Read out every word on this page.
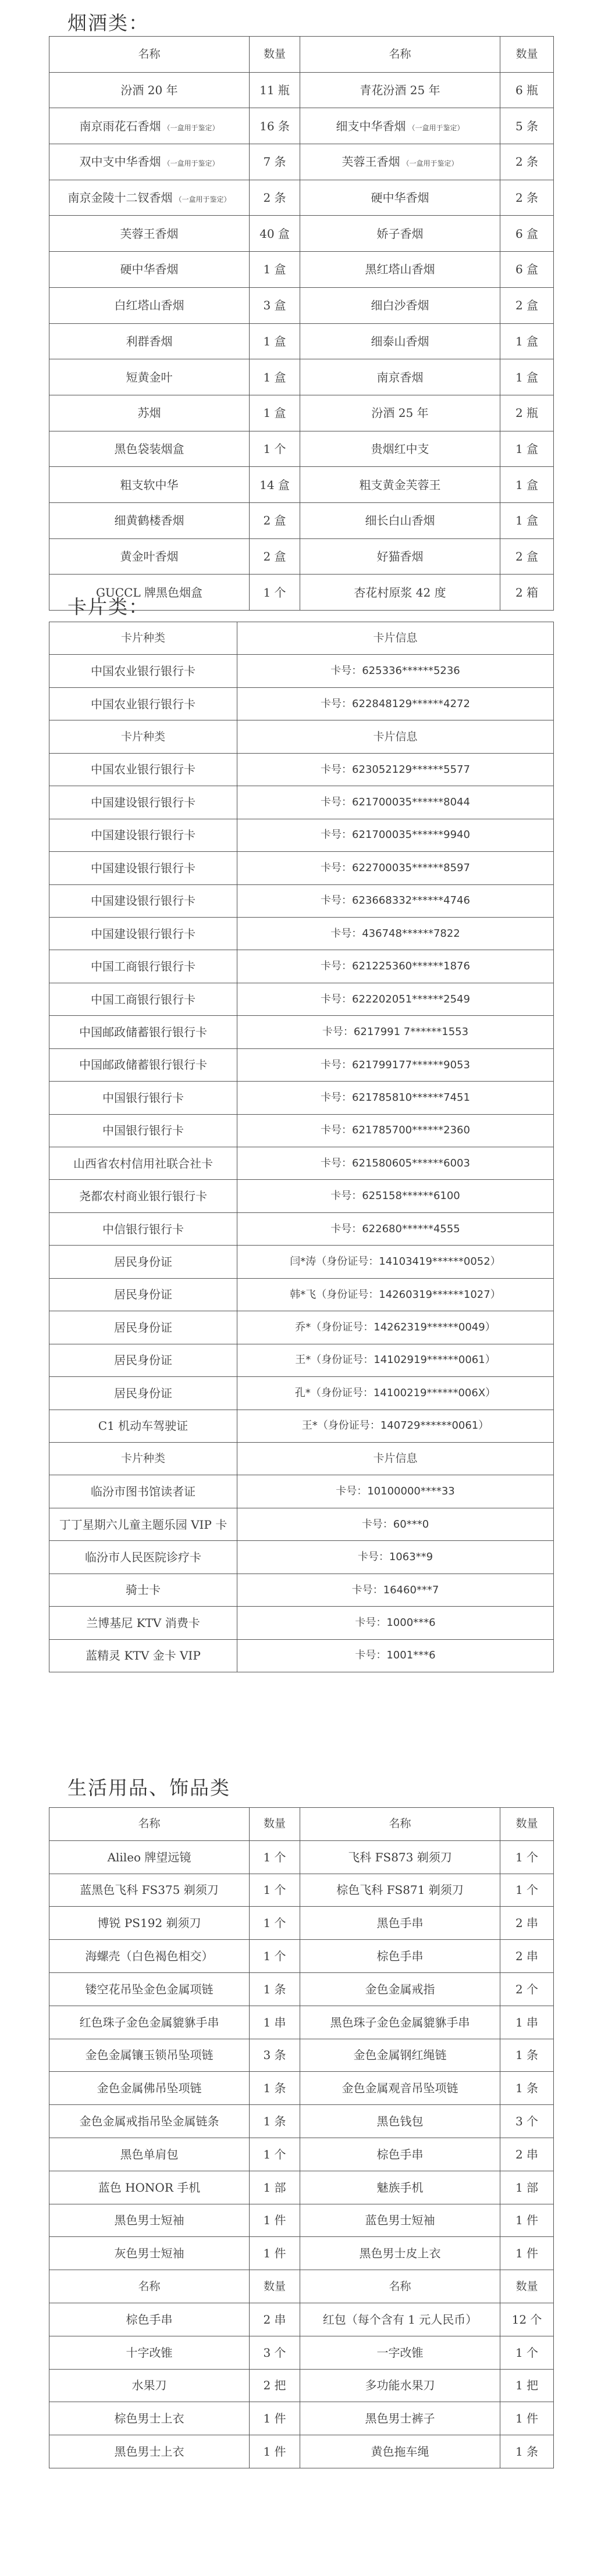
烟酒类：
名称	数量	名称	数量
汾酒 20 年	11 瓶	青花汾酒 25 年	6 瓶
南京雨花石香烟 （一盒用于鉴定）	16 条	细支中华香烟 （一盒用于鉴定）	5 条
双中支中华香烟 （一盒用于鉴定）	7 条	芙蓉王香烟 （一盒用于鉴定）	2 条
南京金陵十二钗香烟 （一盒用于鉴定）	2 条	硬中华香烟	2 条
芙蓉王香烟	40 盒	娇子香烟	6 盒
硬中华香烟	1 盒	黑红塔山香烟	6 盒
白红塔山香烟	3 盒	细白沙香烟	2 盒
利群香烟	1 盒	细泰山香烟	1 盒
短黄金叶	1 盒	南京香烟	1 盒
苏烟	1 盒	汾酒 25 年	2 瓶
黑色袋装烟盒	1 个	贵烟红中支	1 盒
粗支软中华	14 盒	粗支黄金芙蓉王	1 盒
细黄鹤楼香烟	2 盒	细长白山香烟	1 盒
黄金叶香烟	2 盒	好猫香烟	2 盒
GUCCL 牌黑色烟盒	1 个	杏花村原浆 42 度	2 箱
卡片类：
卡片种类	卡片信息
中国农业银行银行卡	卡号：625336******5236
中国农业银行银行卡	卡号：622848129******4272
卡片种类	卡片信息
中国农业银行银行卡	卡号：623052129******5577
中国建设银行银行卡	卡号：621700035******8044
中国建设银行银行卡	卡号：621700035******9940
中国建设银行银行卡	卡号：622700035******8597
中国建设银行银行卡	卡号：623668332******4746
中国建设银行银行卡	卡号：436748******7822
中国工商银行银行卡	卡号：621225360******1876
中国工商银行银行卡	卡号：622202051******2549
中国邮政储蓄银行银行卡	卡号：6217991 7******1553
中国邮政储蓄银行银行卡	卡号：621799177******9053
中国银行银行卡	卡号：621785810******7451
中国银行银行卡	卡号：621785700******2360
山西省农村信用社联合社卡	卡号：621580605******6003
尧都农村商业银行银行卡	卡号：625158******6100
中信银行银行卡	卡号：622680******4555
居民身份证	闫*涛（身份证号：14103419******0052）
居民身份证	韩*飞（身份证号：14260319******1027）
居民身份证	乔*（身份证号：14262319******0049）
居民身份证	王*（身份证号：14102919******0061）
居民身份证	孔*（身份证号：14100219******006X）
C1 机动车驾驶证	王*（身份证号：140729******0061）
卡片种类	卡片信息
临汾市图书馆读者证	卡号：10100000****33
丁丁星期六儿童主题乐园 VIP 卡	卡号：60***0
临汾市人民医院诊疗卡	卡号：1063**9
骑士卡	卡号：16460***7
兰博基尼 KTV 消费卡	卡号：1000***6
蓝精灵 KTV 金卡 VIP	卡号：1001***6
生活用品、饰品类
名称	数量	名称	数量
Alileo 牌望远镜	1 个	飞科 FS873 剃须刀	1 个
蓝黑色飞科 FS375 剃须刀	1 个	棕色飞科 FS871 剃须刀	1 个
博锐 PS192 剃须刀	1 个	黑色手串	2 串
海螺壳（白色褐色相交）	1 个	棕色手串	2 串
镂空花吊坠金色金属项链	1 条	金色金属戒指	2 个
红色珠子金色金属貔貅手串	1 串	黑色珠子金色金属貔貅手串	1 串
金色金属镶玉锁吊坠项链	3 条	金色金属钢红绳链	1 条
金色金属佛吊坠项链	1 条	金色金属观音吊坠项链	1 条
金色金属戒指吊坠金属链条	1 条	黑色钱包	3 个
黑色单肩包	1 个	棕色手串	2 串
蓝色 HONOR 手机	1 部	魅族手机	1 部
黑色男士短袖	1 件	蓝色男士短袖	1 件
灰色男士短袖	1 件	黑色男士皮上衣	1 件
名称	数量	名称	数量
棕色手串	2 串	红包（每个含有 1 元人民币）	12 个
十字改锥	3 个	一字改锥	1 个
水果刀	2 把	多功能水果刀	1 把
棕色男士上衣	1 件	黑色男士裤子	1 件
黑色男士上衣	1 件	黄色拖车绳	1 条
